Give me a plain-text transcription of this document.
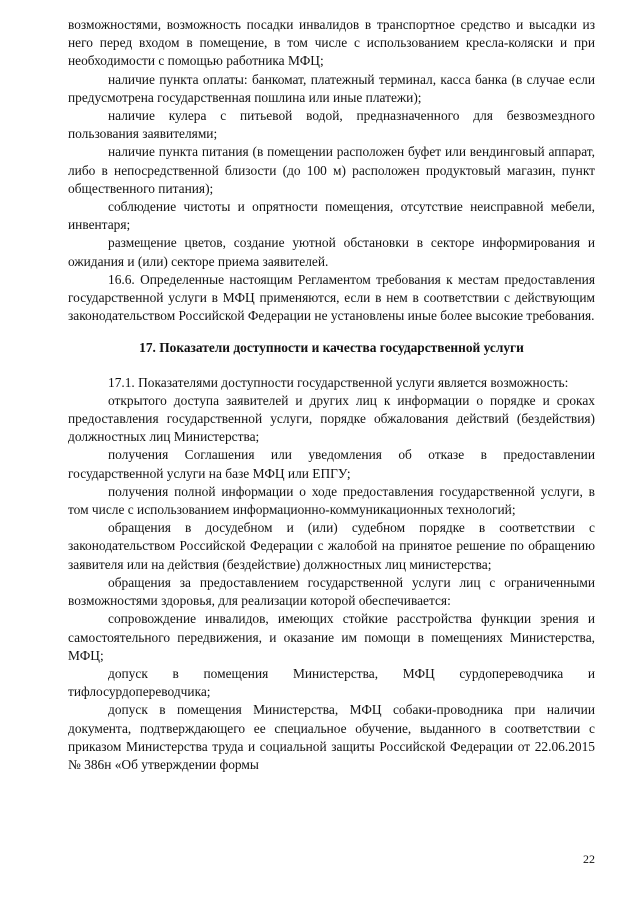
возможностями, возможность посадки инвалидов в транспортное средство и высадки из него перед входом в помещение, в том числе с использованием кресла-коляски и при необходимости с помощью работника МФЦ;

наличие пункта оплаты: банкомат, платежный терминал, касса банка (в случае если предусмотрена государственная пошлина или иные платежи);

наличие кулера с питьевой водой, предназначенного для безвозмездного пользования заявителями;

наличие пункта питания (в помещении расположен буфет или вендинговый аппарат, либо в непосредственной близости (до 100 м) расположен продуктовый магазин, пункт общественного питания);

соблюдение чистоты и опрятности помещения, отсутствие неисправной мебели, инвентаря;

размещение цветов, создание уютной обстановки в секторе информирования и ожидания и (или) секторе приема заявителей.

16.6. Определенные настоящим Регламентом требования к местам предоставления государственной услуги в МФЦ применяются, если в нем в соответствии с действующим законодательством Российской Федерации не установлены иные более высокие требования.

17. Показатели доступности и качества государственной услуги

17.1. Показателями доступности государственной услуги является возможность:

открытого доступа заявителей и других лиц к информации о порядке и сроках предоставления государственной услуги, порядке обжалования действий (бездействия) должностных лиц Министерства;

получения Соглашения или уведомления об отказе в предоставлении государственной услуги на базе МФЦ или ЕПГУ;

получения полной информации о ходе предоставления государственной услуги, в том числе с использованием информационно-коммуникационных технологий;

обращения в досудебном и (или) судебном порядке в соответствии с законодательством Российской Федерации с жалобой на принятое решение по обращению заявителя или на действия (бездействие) должностных лиц министерства;

обращения за предоставлением государственной услуги лиц с ограниченными возможностями здоровья, для реализации которой обеспечивается:

сопровождение инвалидов, имеющих стойкие расстройства функции зрения и самостоятельного передвижения, и оказание им помощи в помещениях Министерства, МФЦ;

допуск в помещения Министерства, МФЦ сурдопереводчика и тифлосурдопереводчика;

допуск в помещения Министерства, МФЦ собаки-проводника при наличии документа, подтверждающего ее специальное обучение, выданного в соответствии с приказом Министерства труда и социальной защиты Российской Федерации от 22.06.2015 № 386н «Об утверждении формы

22
